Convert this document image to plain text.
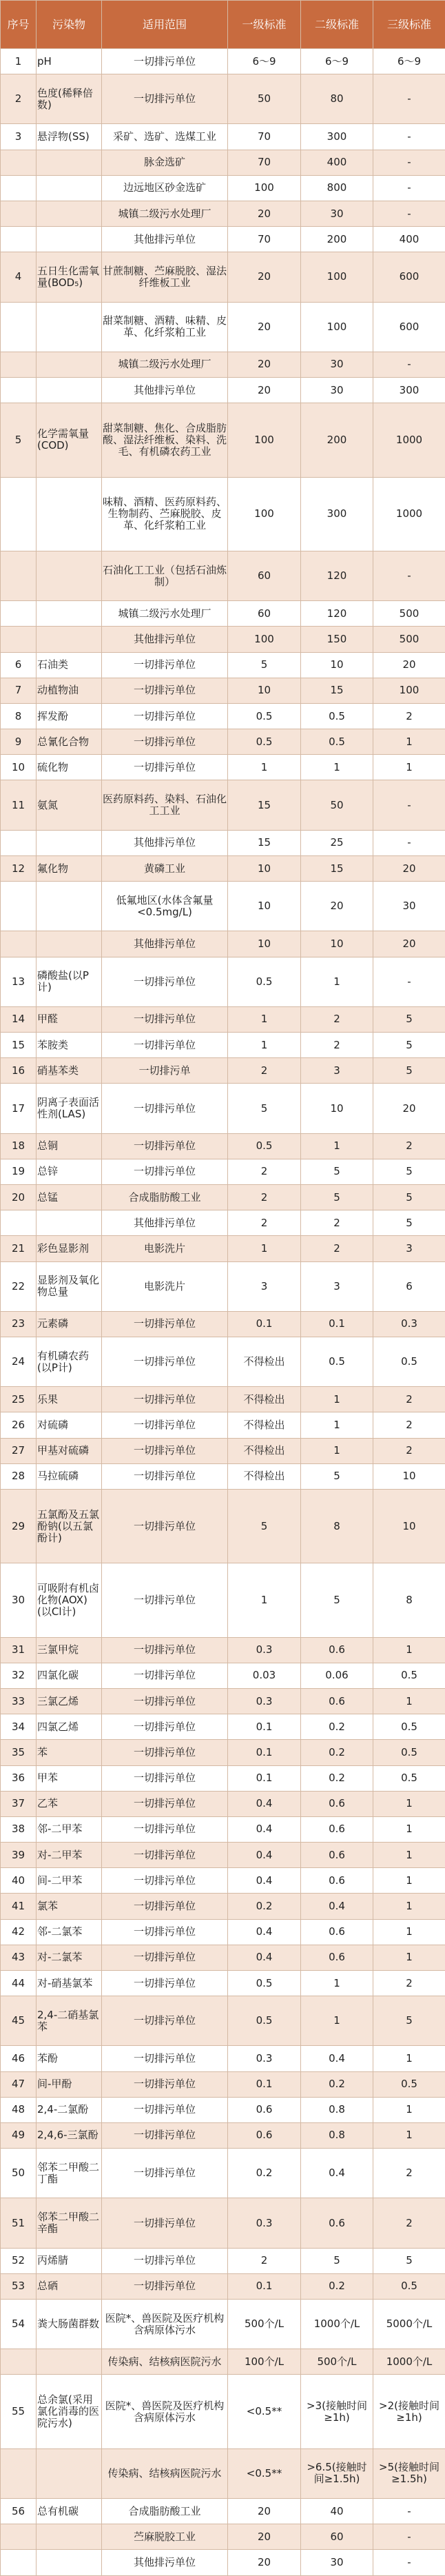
序号	污染物	适用范围	一级标准	二级标准	三级标准
1	pH	一切排污单位	6～9	6～9	6～9
2	色度(稀释倍数)	一切排污单位	50	80	-
3	悬浮物(SS)	采矿、选矿、选煤工业	70	300	-
		脉金选矿	70	400	-
		边远地区砂金选矿	100	800	-
		城镇二级污水处理厂	20	30	-
		其他排污单位	70	200	400
4	五日生化需氧量(BOD₅)	甘蔗制糖、苎麻脱胶、湿法纤维板工业	20	100	600
		甜菜制糖、酒精、味精、皮革、化纤浆粕工业	20	100	600
		城镇二级污水处理厂	20	30	-
		其他排污单位	20	30	300
5	化学需氧量(COD)	甜菜制糖、焦化、合成脂肪酸、湿法纤维板、染料、洗毛、有机磷农药工业	100	200	1000
		味精、酒精、医药原料药、生物制药、苎麻脱胶、皮革、化纤浆粕工业	100	300	1000
		石油化工工业（包括石油炼制）	60	120	-
		城镇二级污水处理厂	60	120	500
		其他排污单位	100	150	500
6	石油类	一切排污单位	5	10	20
7	动植物油	一切排污单位	10	15	100
8	挥发酚	一切排污单位	0.5	0.5	2
9	总氰化合物	一切排污单位	0.5	0.5	1
10	硫化物	一切排污单位	1	1	1
11	氨氮	医药原料药、染料、石油化工工业	15	50	-
		其他排污单位	15	25	-
12	氟化物	黄磷工业	10	15	20
		低氟地区(水体含氟量<0.5mg/L)	10	20	30
		其他排污单位	10	10	20
13	磷酸盐(以P计)	一切排污单位	0.5	1	-
14	甲醛	一切排污单位	1	2	5
15	苯胺类	一切排污单位	1	2	5
16	硝基苯类	一切排污单	2	3	5
17	阴离子表面活性剂(LAS)	一切排污单位	5	10	20
18	总铜	一切排污单位	0.5	1	2
19	总锌	一切排污单位	2	5	5
20	总锰	合成脂肪酸工业	2	5	5
		其他排污单位	2	2	5
21	彩色显影剂	电影洗片	1	2	3
22	显影剂及氧化物总量	电影洗片	3	3	6
23	元素磷	一切排污单位	0.1	0.1	0.3
24	有机磷农药(以P计)	一切排污单位	不得检出	0.5	0.5
25	乐果	一切排污单位	不得检出	1	2
26	对硫磷	一切排污单位	不得检出	1	2
27	甲基对硫磷	一切排污单位	不得检出	1	2
28	马拉硫磷	一切排污单位	不得检出	5	10
29	五氯酚及五氯酚钠(以五氯酚计)	一切排污单位	5	8	10
30	可吸附有机卤化物(AOX)(以Cl计)	一切排污单位	1	5	8
31	三氯甲烷	一切排污单位	0.3	0.6	1
32	四氯化碳	一切排污单位	0.03	0.06	0.5
33	三氯乙烯	一切排污单位	0.3	0.6	1
34	四氯乙烯	一切排污单位	0.1	0.2	0.5
35	苯	一切排污单位	0.1	0.2	0.5
36	甲苯	一切排污单位	0.1	0.2	0.5
37	乙苯	一切排污单位	0.4	0.6	1
38	邻-二甲苯	一切排污单位	0.4	0.6	1
39	对-二甲苯	一切排污单位	0.4	0.6	1
40	间-二甲苯	一切排污单位	0.4	0.6	1
41	氯苯	一切排污单位	0.2	0.4	1
42	邻-二氯苯	一切排污单位	0.4	0.6	1
43	对-二氯苯	一切排污单位	0.4	0.6	1
44	对-硝基氯苯	一切排污单位	0.5	1	2
45	2,4-二硝基氯苯	一切排污单位	0.5	1	5
46	苯酚	一切排污单位	0.3	0.4	1
47	间-甲酚	一切排污单位	0.1	0.2	0.5
48	2,4-二氯酚	一切排污单位	0.6	0.8	1
49	2,4,6-三氯酚	一切排污单位	0.6	0.8	1
50	邻苯二甲酸二丁酯	一切排污单位	0.2	0.4	2
51	邻苯二甲酸二辛酯	一切排污单位	0.3	0.6	2
52	丙烯腈	一切排污单位	2	5	5
53	总硒	一切排污单位	0.1	0.2	0.5
54	粪大肠菌群数	医院*、兽医院及医疗机构含病原体污水	500个/L	1000个/L	5000个/L
		传染病、结核病医院污水	100个/L	500个/L	1000个/L
55	总余氯(采用氯化消毒的医院污水)	医院*、兽医院及医疗机构含病原体污水	<0.5**	>3(接触时间≥1h)	>2(接触时间≥1h)
		传染病、结核病医院污水	<0.5**	>6.5(接触时间≥1.5h)	>5(接触时间≥1.5h)
56	总有机碳	合成脂肪酸工业	20	40	-
		苎麻脱胶工业	20	60	-
		其他排污单位	20	30	-
